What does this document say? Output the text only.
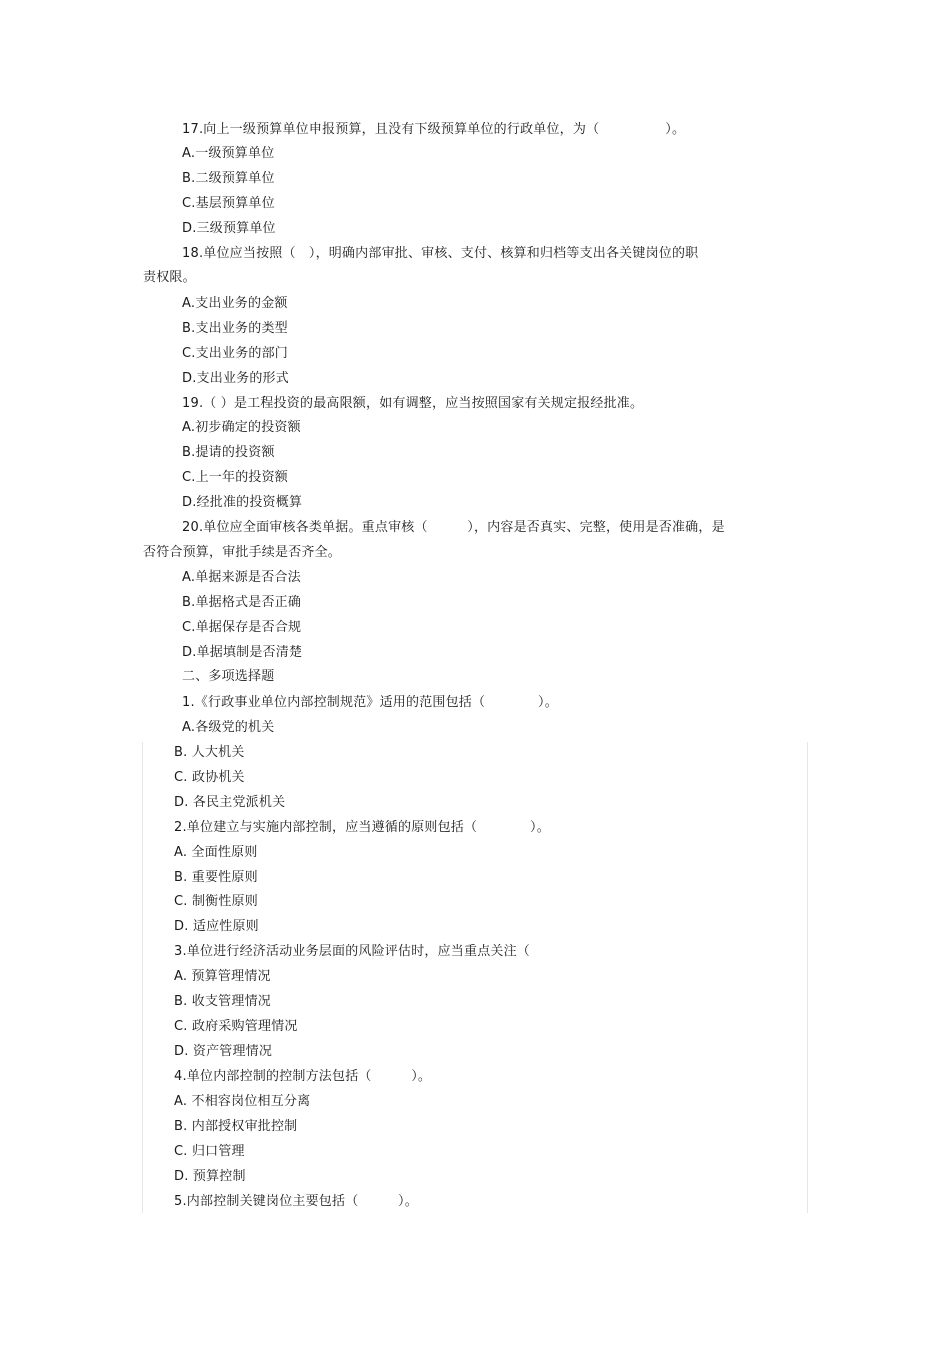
17.向上一级预算单位申报预算，且没有下级预算单位的行政单位，为（　　　　　）。
A.一级预算单位
B.二级预算单位
C.基层预算单位
D.三级预算单位
18.单位应当按照（　），明确内部审批、审核、支付、核算和归档等支出各关键岗位的职
责权限。
A.支出业务的金额
B.支出业务的类型
C.支出业务的部门
D.支出业务的形式
19.（ ）是工程投资的最高限额，如有调整，应当按照国家有关规定报经批准。
A.初步确定的投资额
B.提请的投资额
C.上一年的投资额
D.经批准的投资概算
20.单位应全面审核各类单据。重点审核（　　　），内容是否真实、完整，使用是否准确，是
否符合预算，审批手续是否齐全。
A.单据来源是否合法
B.单据格式是否正确
C.单据保存是否合规
D.单据填制是否清楚
二、多项选择题
1.《行政事业单位内部控制规范》适用的范围包括（　　　　）。
A.各级党的机关
B. 人大机关
C. 政协机关
D. 各民主党派机关
2.单位建立与实施内部控制，应当遵循的原则包括（　　　　）。
A. 全面性原则
B. 重要性原则
C. 制衡性原则
D. 适应性原则
3.单位进行经济活动业务层面的风险评估时，应当重点关注（
A. 预算管理情况
B. 收支管理情况
C. 政府采购管理情况
D. 资产管理情况
4.单位内部控制的控制方法包括（　　　）。
A. 不相容岗位相互分离
B. 内部授权审批控制
C. 归口管理
D. 预算控制
5.内部控制关键岗位主要包括（　　　）。
